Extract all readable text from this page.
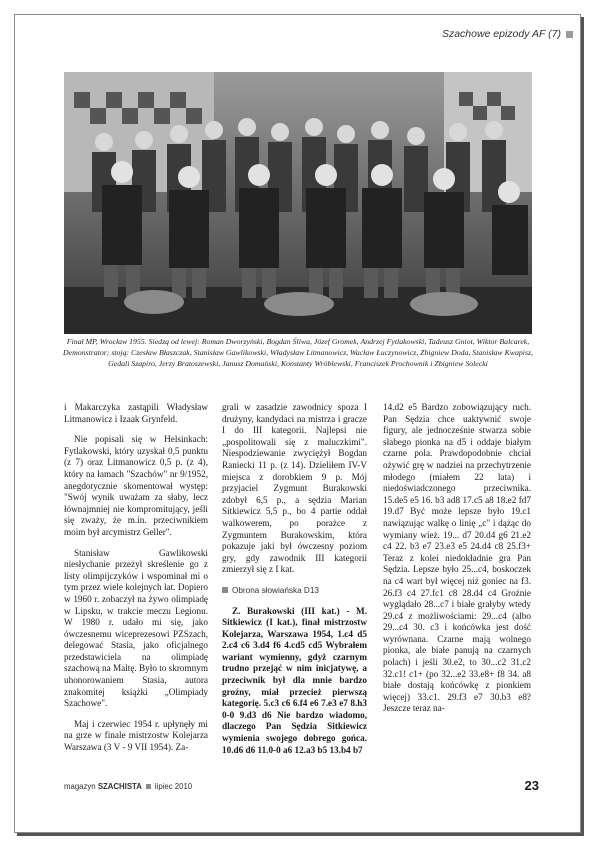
Szachowe epizody AF (7)
Finał MP, Wrocław 1955. Siedzą od lewej: Roman Dworzyński, Bogdan Śliwa, Józef Gromek, Andrzej Fytlakowski, Tadeusz Gniot, Wiktor Balcarek, Demonstrator; stoją: Czesław Błaszczak, Stanisław Gawlikowski, Władysław Litmanowicz, Wacław Łuczynowicz, Zbigniew Doda, Stanisław Kwapisz, Gedali Szapiro, Jerzy Bratoszewski, Janusz Domański, Konstanty Wróblewski, Franciszek Prochownik i Zbigniew Solecki

i Makarczyka zastąpili Władysław Litmanowicz i Izaak Grynfeld.

Nie popisali się w Helsinkach: Fytlakowski, który uzyskał 0,5 punktu (z 7) oraz Litmanowicz 0,5 p. (z 4), który na łamach "Szachów" nr 9/1952, anegdotycznie skomentował występ: "Swój wynik uważam za słaby, lecz łównajmniej nie kompromitujący, jeśli się zważy, że m.in. przeciwnikiem moim był arcymistrz Geller".

Stanisław Gawlikowski niesłychanie przeżył skreślenie go z listy olimpijczyków i wspominał mi o tym przez wiele kolejnych lat. Dopiero w 1960 r. zobaczył na żywo olimpiadę w Lipsku, w trakcie meczu Legionu. W 1980 r. udało mi się, jako ówczesnemu wiceprezesowi PZSzach, delegować Stasia, jako oficjalnego przedstawiciela na olimpiadę szachową na Maltę. Było to skromnym uhonorowaniem Stasia, autora znakomitej książki „Olimpiady Szachowe".

Maj i czerwiec 1954 r. upłynęły mi na grze w finale mistrzostw Kolejarza Warszawa (3 V - 9 VII 1954). Za-

grali w zasadzie zawodnicy spoza I drużyny, kandydaci na mistrza i gracze I do III kategorii. Najlepsi nie „pospolitowali się z maluczkimi". Niespodziewanie zwyciężył Bogdan Raniecki 11 p. (z 14). Dzieliłem IV-V miejsca z dorobkiem 9 p. Mój przyjaciel Zygmunt Burakowski zdobył 6,5 p., a sędzia Marian Sitkiewicz 5,5 p., bo 4 partie oddał walkowerem, po porażce z Zygmuntem Burakowskim, która pokazuje jaki był ówczesny poziom gry, gdy zawodnik III kategorii zmierzył się z I kat.

Obrona słowiańska D13

Z. Burakowski (III kat.) - M. Sitkiewicz (I kat.), finał mistrzostw Kolejarza, Warszawa 1954, 1.c4 d5 2.c4 c6 3.d4 f6 4.cd5 cd5 Wybrałem wariant wymienny, gdyż czarnym trudno przejąć w nim inicjatywę, a przeciwnik był dla mnie bardzo groźny, miał przecież pierwszą kategorię. 5.c3 c6 6.f4 e6 7.e3 e7 8.h3 0-0 9.d3 d6 Nie bardzo wiadomo, dlaczego Pan Sędzia Sitkiewicz wymienia swojego dobrego gońca. 10.d6 d6 11.0-0 a6 12.a3 b5 13.b4 b7

14.d2 e5 Bardzo zobowiązujący ruch. Pan Sędzia chce uaktywnić swoje figury, ale jednocześnie stwarza sobie słabego pionka na d5 i oddaje białym czarne pola. Prawdopodobnie chciał ożywić grę w nadziei na przechytrzenie młodego (miałem 22 lata) i niedoświadczonego przeciwnika. 15.de5 e5 16. b3 ad8 17.c5 a8 18.e2 fd7 19.d7 Być może lepsze było 19.c1 nawiązując walkę o linię „c" i dążąc do wymiany wież. 19... d7 20.d4 g6 21.e2 c4 22. b3 e7 23.e3 e5 24.d4 c8 25.f3+ Teraz z kolei niedokładnie gra Pan Sędzia. Lepsze było 25...c4, boskoczek na c4 wart był więcej niż goniec na f3. 26.f3 c4 27.fc1 c8 28.d4 c4 Groźnie wyglądało 28...c7 i białe grałyby wtedy 29.c4 z możliwościami: 29...c4 (albo 29...c4 30. c3 i końcówka jest dość wyrównana. Czarne mają wolnego pionka, ale białe panują na czarnych polach) i jeśli 30.e2, to 30...c2 31.c2 32.c1! c1+ (po 32...e2 33.e8+ f8 34. a8 białe dostają końcówkę z pionkiem więcej) 33.c1. 29.f3 e7 30.b3 e8? Jeszcze teraz na-

magazyn SZACHISTA lipiec 2010	23
